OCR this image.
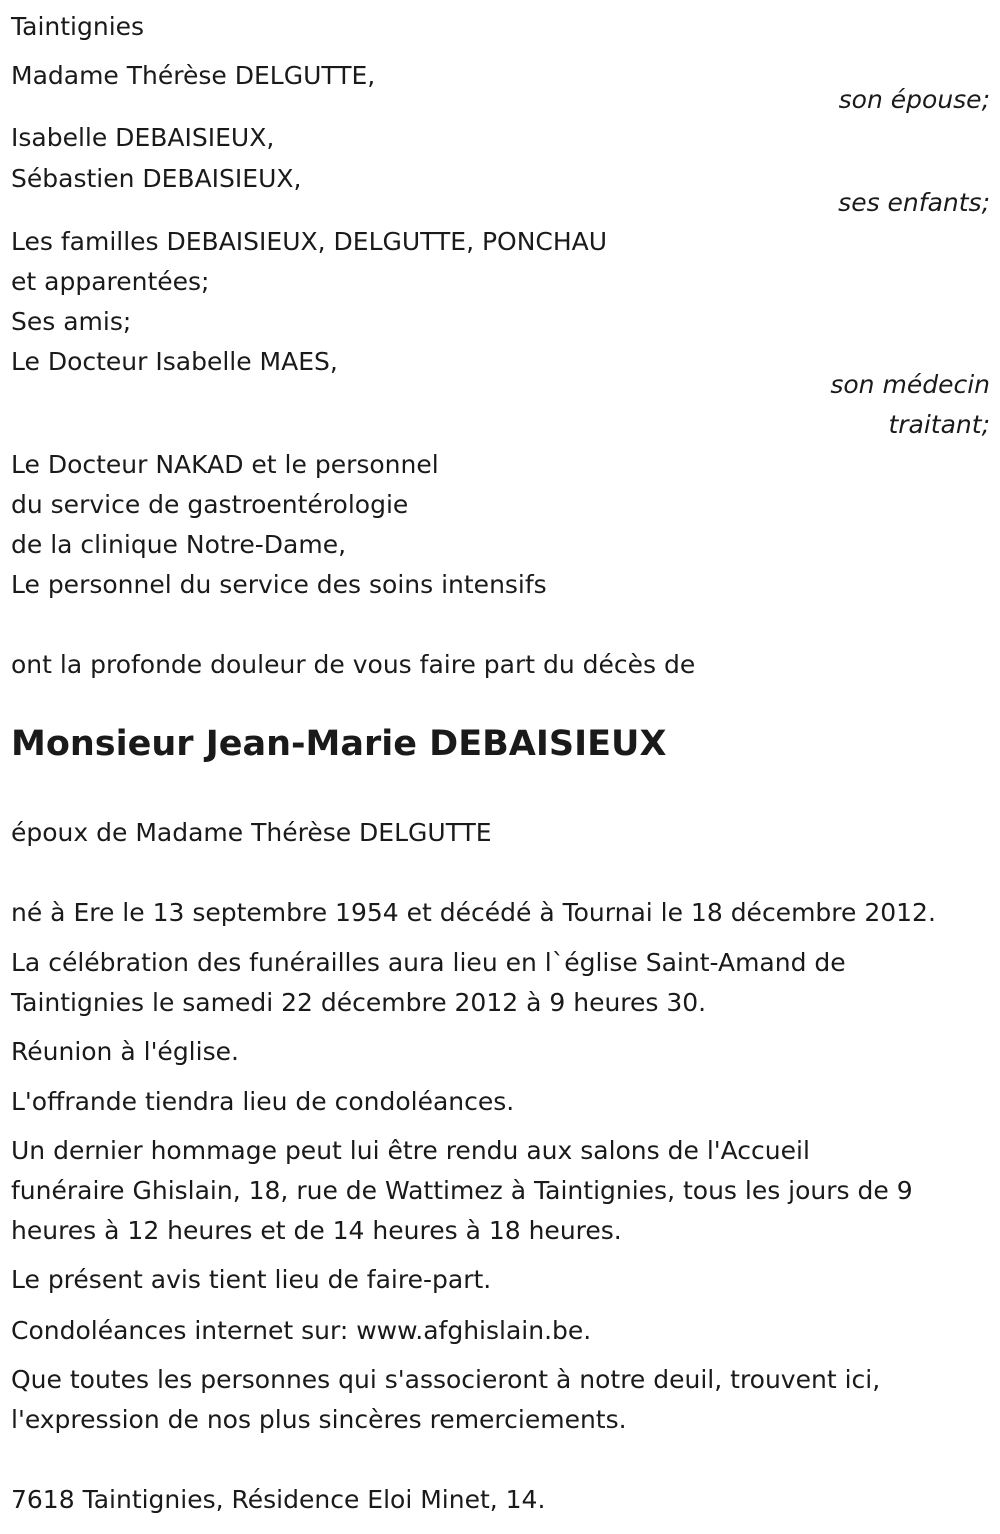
Taintignies
Madame Thérèse DELGUTTE,
son épouse;
Isabelle DEBAISIEUX,
Sébastien DEBAISIEUX,
ses enfants;
Les familles DEBAISIEUX, DELGUTTE, PONCHAU
et apparentées;
Ses amis;
Le Docteur Isabelle MAES,
son médecin
traitant;
Le Docteur NAKAD et le personnel
du service de gastroentérologie
de la clinique Notre-Dame,
Le personnel du service des soins intensifs
ont la profonde douleur de vous faire part du décès de
Monsieur Jean-Marie DEBAISIEUX
époux de Madame Thérèse DELGUTTE
né à Ere le 13 septembre 1954 et décédé à Tournai le 18 décembre 2012.
La célébration des funérailles aura lieu en l`église Saint-Amand de
Taintignies le samedi 22 décembre 2012 à 9 heures 30.
Réunion à l'église.
L'offrande tiendra lieu de condoléances.
Un dernier hommage peut lui être rendu aux salons de l'Accueil
funéraire Ghislain, 18, rue de Wattimez à Taintignies, tous les jours de 9
heures à 12 heures et de 14 heures à 18 heures.
Le présent avis tient lieu de faire-part.
Condoléances internet sur: www.afghislain.be.
Que toutes les personnes qui s'associeront à notre deuil, trouvent ici,
l'expression de nos plus sincères remerciements.
7618 Taintignies, Résidence Eloi Minet, 14.
